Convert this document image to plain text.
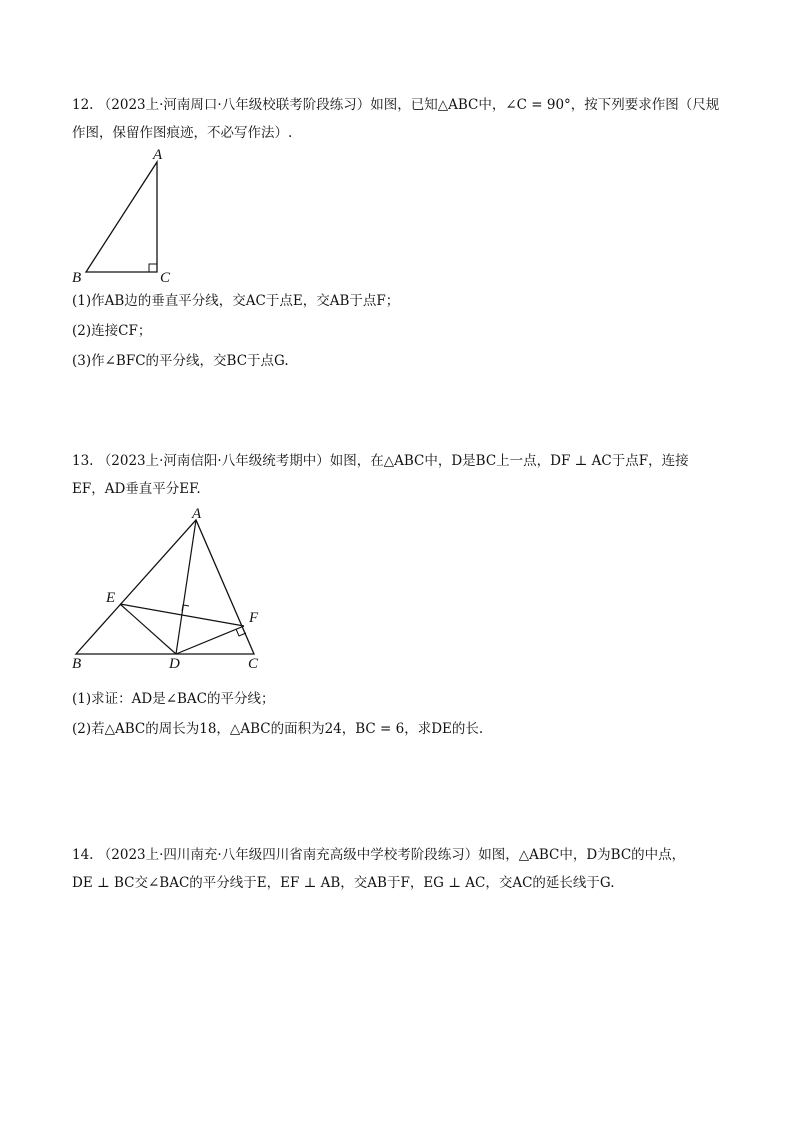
12. （2023上·河南周口·八年级校联考阶段练习）如图，已知△ABC中，∠C = 90°，按下列要求作图（尺规
作图，保留作图痕迹，不必写作法）.
A
B	C
(1)作AB边的垂直平分线，交AC于点E，交AB于点F；
(2)连接CF；
(3)作∠BFC的平分线，交BC于点G.
13. （2023上·河南信阳·八年级统考期中）如图，在△ABC中，D是BC上一点，DF ⊥ AC于点F，连接
EF，AD垂直平分EF.
A
B	C
D
E
F
(1)求证：AD是∠BAC的平分线；
(2)若△ABC的周长为18，△ABC的面积为24，BC = 6，求DE的长.
14. （2023上·四川南充·八年级四川省南充高级中学校考阶段练习）如图，△ABC中，D为BC的中点，
DE ⊥ BC交∠BAC的平分线于E，EF ⊥ AB，交AB于F，EG ⊥ AC，交AC的延长线于G.
